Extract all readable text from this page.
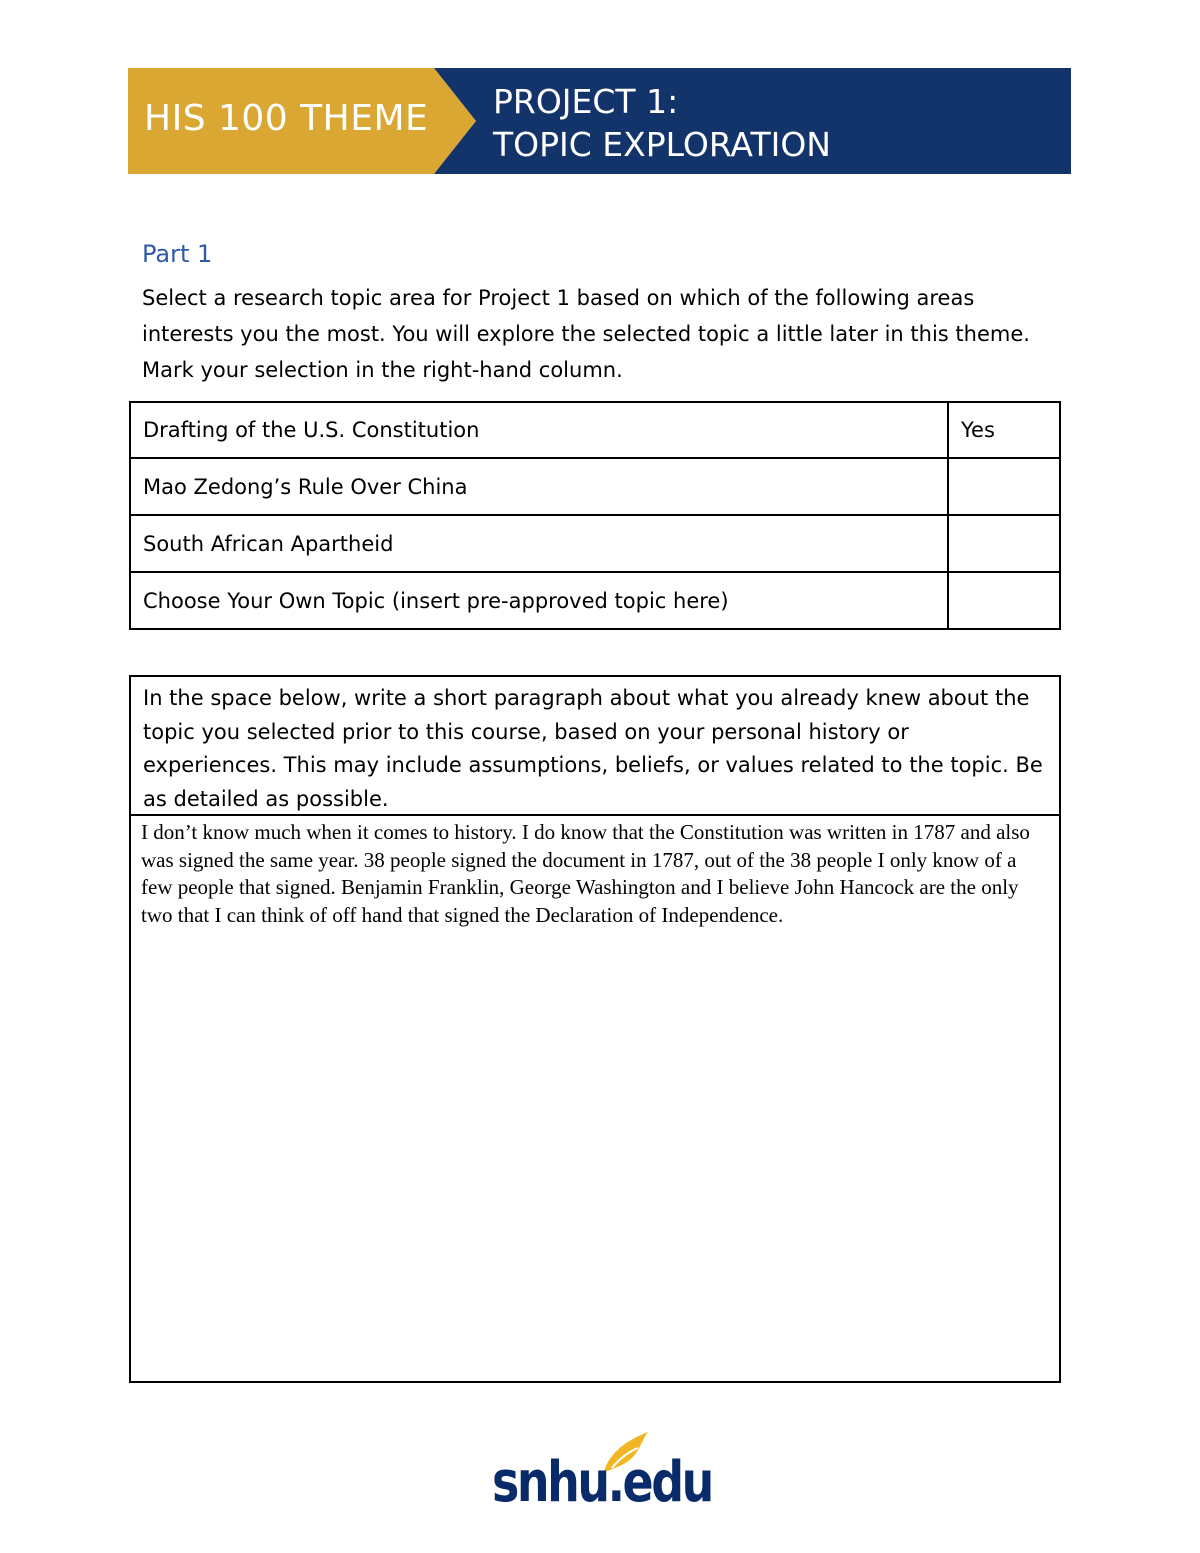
HIS 100 THEME PROJECT 1:
TOPIC EXPLORATION
Part 1
Select a research topic area for Project 1 based on which of the following areas interests you the most. You will explore the selected topic a little later in this theme. Mark your selection in the right-hand column.
Drafting of the U.S. Constitution	Yes
Mao Zedong’s Rule Over China	
South African Apartheid	
Choose Your Own Topic (insert pre-approved topic here)	
In the space below, write a short paragraph about what you already knew about the topic you selected prior to this course, based on your personal history or experiences. This may include assumptions, beliefs, or values related to the topic. Be as detailed as possible.
I don’t know much when it comes to history. I do know that the Constitution was written in 1787 and also was signed the same year. 38 people signed the document in 1787, out of the 38 people I only know of a few people that signed. Benjamin Franklin, George Washington and I believe John Hancock are the only two that I can think of off hand that signed the Declaration of Independence.
snhu.edu
